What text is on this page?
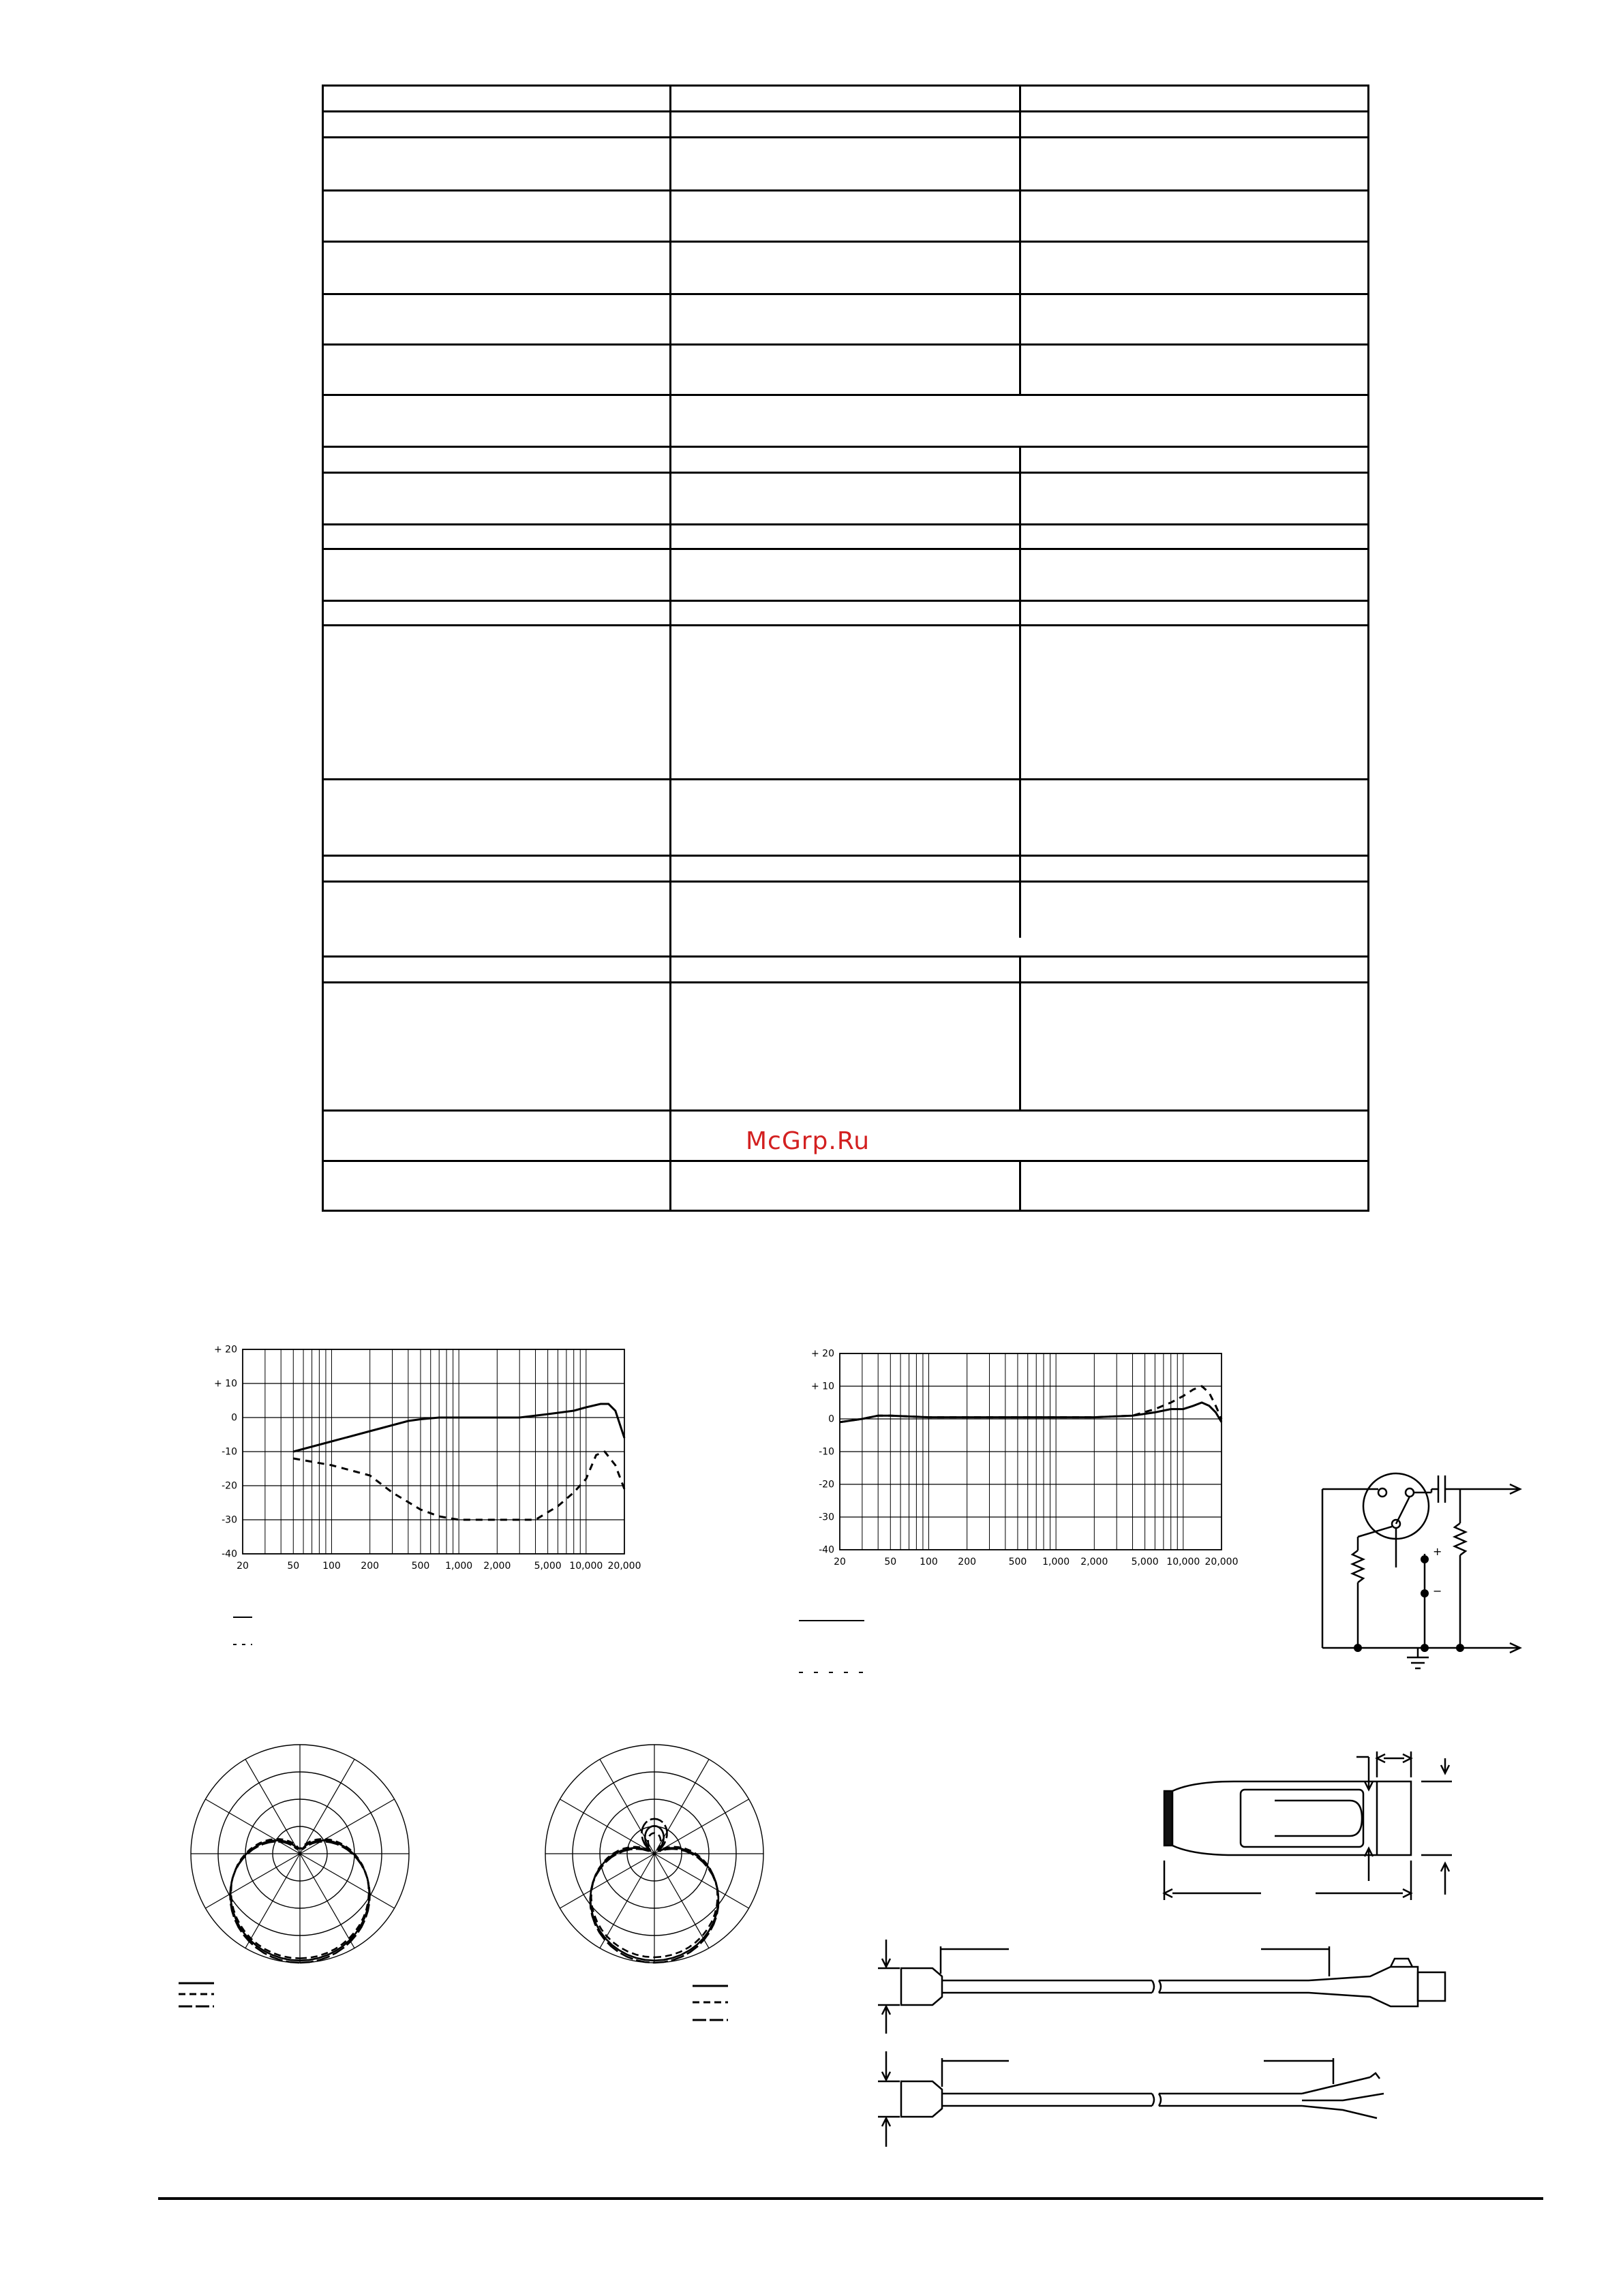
McGrp.Ru
20	50 100 200	500 1,000 2,000 5,000 10,000 20,000
+ 20
+ 10
0
-10
-20
-30
-40
20	50 100 200	500 1,000 2,000 5,000 10,000 20,000
+ 20
+ 10
0
-10
-20
-30
-40	+
−
